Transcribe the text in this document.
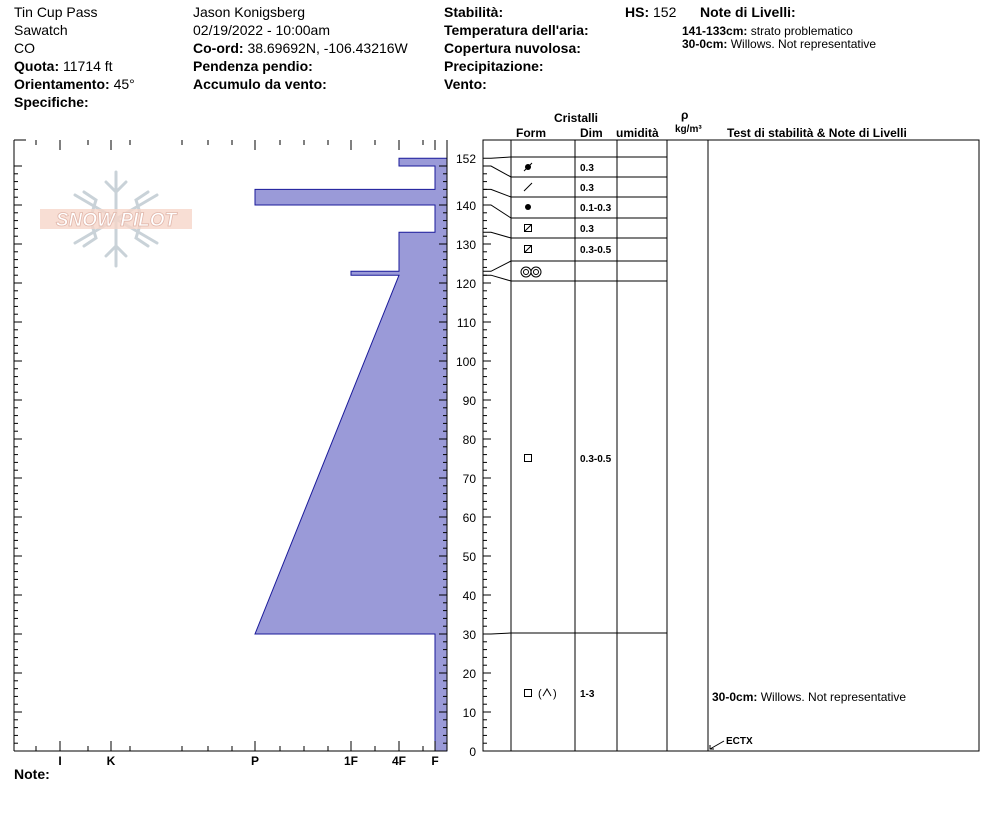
Tin Cup Pass
Sawatch
CO
Quota: 11714 ft
Orientamento: 45°
Specifiche:
Jason Konigsberg
02/19/2022 - 10:00am
Co-ord: 38.69692N, -106.43216W
Pendenza pendio:
Accumulo da vento:
Stabilità:
Temperatura dell'aria:
Copertura nuvolosa:
Precipitazione:
Vento:
HS: 152 Note di Livelli:
141-133cm: strato problematico
30-0cm: Willows. Not representative
Cristalli
Form	Dim umidità
ρ
kg/m³ Test di stabilità & Note di Livelli
Note:
SNOW PILOT
I	K	P	1F	4F F
0
10
20
30
40
50
60
70
80
90
100
110
120
130
140
152
0.3
0.3
0.1-0.3
0.3
0.3-0.5
0.3-0.5
( ) 1-3	30-0cm: Willows. Not representative
ECTX
